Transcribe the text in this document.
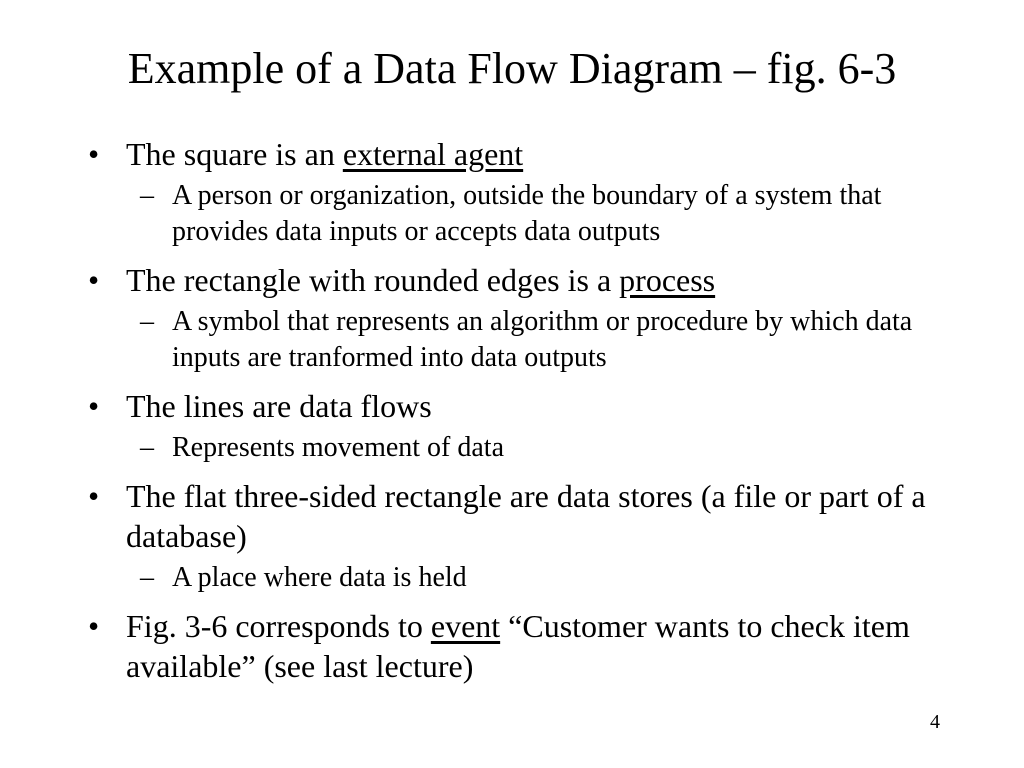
Example of a Data Flow Diagram – fig. 6-3
• The square is an external agent
– A person or organization, outside the boundary of a system that provides data inputs or accepts data outputs
• The rectangle with rounded edges is a process
– A symbol that represents an algorithm or procedure by which data inputs are tranformed into data outputs
• The lines are data flows
– Represents movement of data
• The flat three-sided rectangle are data stores (a file or part of a database)
– A place where data is held
• Fig. 3-6 corresponds to event “Customer wants to check item available” (see last lecture)
4
